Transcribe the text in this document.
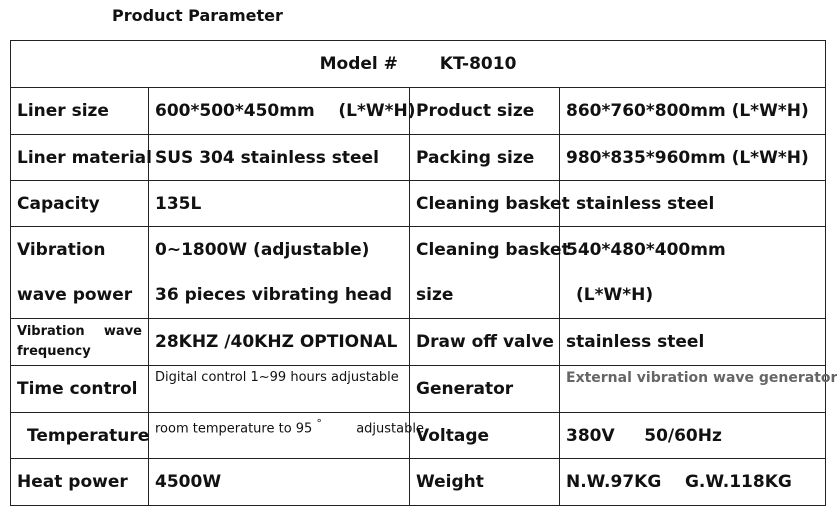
Product Parameter
Model # KT-8010			
Liner size	600*500*450mm    (L*W*H)	Product size	860*760*800mm (L*W*H)
Liner material	SUS 304 stainless steel	Packing size	980*835*960mm (L*W*H)
Capacity	135L	Cleaning basket	stainless steel
Vibration	0~1800W (adjustable)	Cleaning basket	540*480*400mm
wave power	36 pieces vibrating head	size	(L*W*H)

Vibration wave
frequency	28KHZ /40KHZ OPTIONAL	Draw off valve	stainless steel
Time control	Digital control 1~99 hours adjustable	Generator	External vibration wave generator
Temperature	room temperature to 95 ° adjustable	Voltage	380V     50/60Hz
Heat power	4500W	Weight	N.W.97KG    G.W.118KG
